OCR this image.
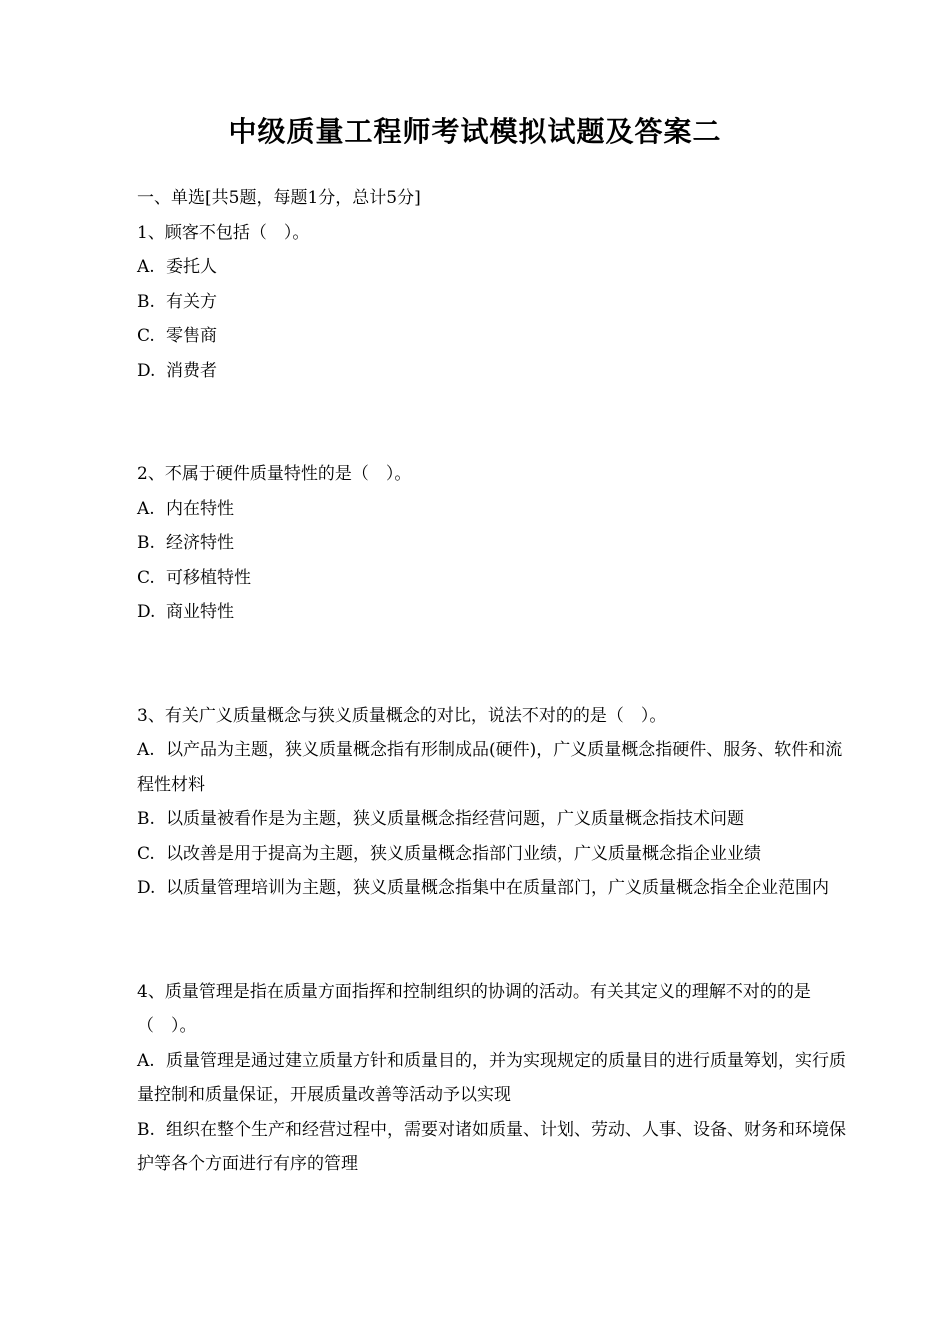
中级质量工程师考试模拟试题及答案二

一、单选[共5题，每题1分，总计5分]

1、顾客不包括（　）。

A. 委托人

B. 有关方

C. 零售商

D. 消费者

2、不属于硬件质量特性的是（　）。

A. 内在特性

B. 经济特性

C. 可移植特性

D. 商业特性

3、有关广义质量概念与狭义质量概念的对比，说法不对的的是（　）。

A. 以产品为主题，狭义质量概念指有形制成品(硬件)，广义质量概念指硬件、服务、软件和流程性材料

B. 以质量被看作是为主题，狭义质量概念指经营问题，广义质量概念指技术问题

C. 以改善是用于提高为主题，狭义质量概念指部门业绩，广义质量概念指企业业绩

D. 以质量管理培训为主题，狭义质量概念指集中在质量部门，广义质量概念指全企业范围内

4、质量管理是指在质量方面指挥和控制组织的协调的活动。有关其定义的理解不对的的是（　）。

A. 质量管理是通过建立质量方针和质量目的，并为实现规定的质量目的进行质量筹划，实行质量控制和质量保证，开展质量改善等活动予以实现

B. 组织在整个生产和经营过程中，需要对诸如质量、计划、劳动、人事、设备、财务和环境保护等各个方面进行有序的管理
